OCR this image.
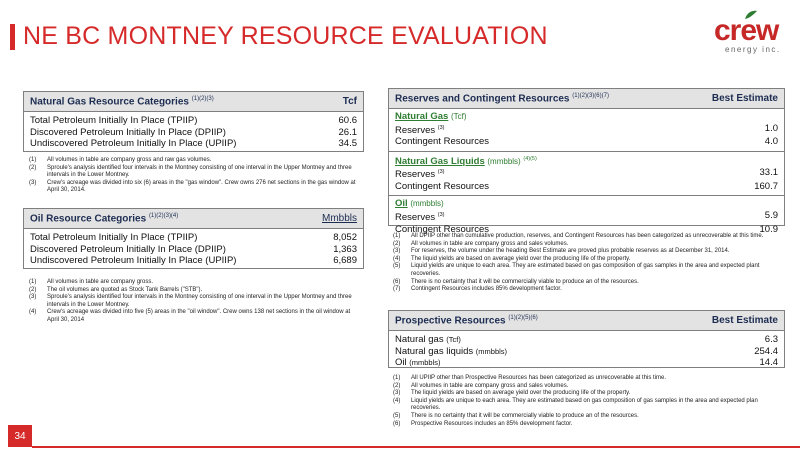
NE BC MONTNEY RESOURCE EVALUATION	crew
energy inc.
Natural Gas Resource Categories $^{(1)(2)(3)}$	Tcf
Total Petroleum Initially In Place (TPIIP)	60.6
Discovered Petroleum Initially In Place (DPIIP)	26.1
Undiscovered Petroleum Initially In Place (UPIIP)	34.5
(1)	All volumes in table are company gross and raw gas volumes.
(2)	Sproule's analysis identified four intervals in the Montney consisting of one interval in the Upper Montney and three intervals in the Lower Montney.
(3)	Crew's acreage was divided into six (6) areas in the "gas window". Crew owns 276 net sections in the gas window at April 30, 2014.
Oil Resource Categories $^{(1)(2)(3)(4)}$	Mmbbls
Total Petroleum Initially In Place (TPIIP)	8,052
Discovered Petroleum Initially In Place (DPIIP)	1,363
Undiscovered Petroleum Initially In Place (UPIIP)	6,689
(1)	All volumes in table are company gross.
(2)	The oil volumes are quoted as Stock Tank Barrels ("STB").
(3)	Sproule's analysis identified four intervals in the Montney consisting of one interval in the Upper Montney and three intervals in the Lower Montney.
(4)	Crew's acreage was divided into five (5) areas in the "oil window". Crew owns 138 net sections in the oil window at April 30, 2014
Reserves and Contingent Resources $^{(1)(2)(3)(6)(7)}$	Best Estimate
Natural Gas (Tcf)
Reserves $^{(3)}$	1.0
Contingent Resources	4.0
Natural Gas Liquids (mmbbls) $^{(4)(5)}$
Reserves $^{(3)}$	33.1
Contingent Resources	160.7
Oil (mmbbls)
Reserves $^{(3)}$	5.9
Contingent Resources	10.9
(1)	All DPIIP other than cumulative production, reserves, and Contingent Resources has been categorized as unrecoverable at this time.
(2)	All volumes in table are company gross and sales volumes.
(3)	For reserves, the volume under the heading Best Estimate are proved plus probable reserves as at December 31, 2014.
(4)	The liquid yields are based on average yield over the producing life of the property.
(5)	Liquid yields are unique to each area. They are estimated based on gas composition of gas samples in the area and expected plant recoveries.
(6)	There is no certainty that it will be commercially viable to produce an of the resources.
(7)	Contingent Resources includes 85% development factor.
Prospective Resources $^{(1)(2)(5)(6)}$	Best Estimate
Natural gas (Tcf)	6.3
Natural gas liquids (mmbbls)	254.4
Oil (mmbbls)	14.4
(1)	All UPIIP other than Prospective Resources has been categorized as unrecoverable at this time.
(2)	All volumes in table are company gross and sales volumes.
(3)	The liquid yields are based on average yield over the producing life of the property.
(4)	Liquid yields are unique to each area. They are estimated based on gas composition of gas samples in the area and expected plan recoveries.
(5)	There is no certainty that it will be commercially viable to produce an of the resources.
(6)	Prospective Resources includes an 85% development factor.
34
